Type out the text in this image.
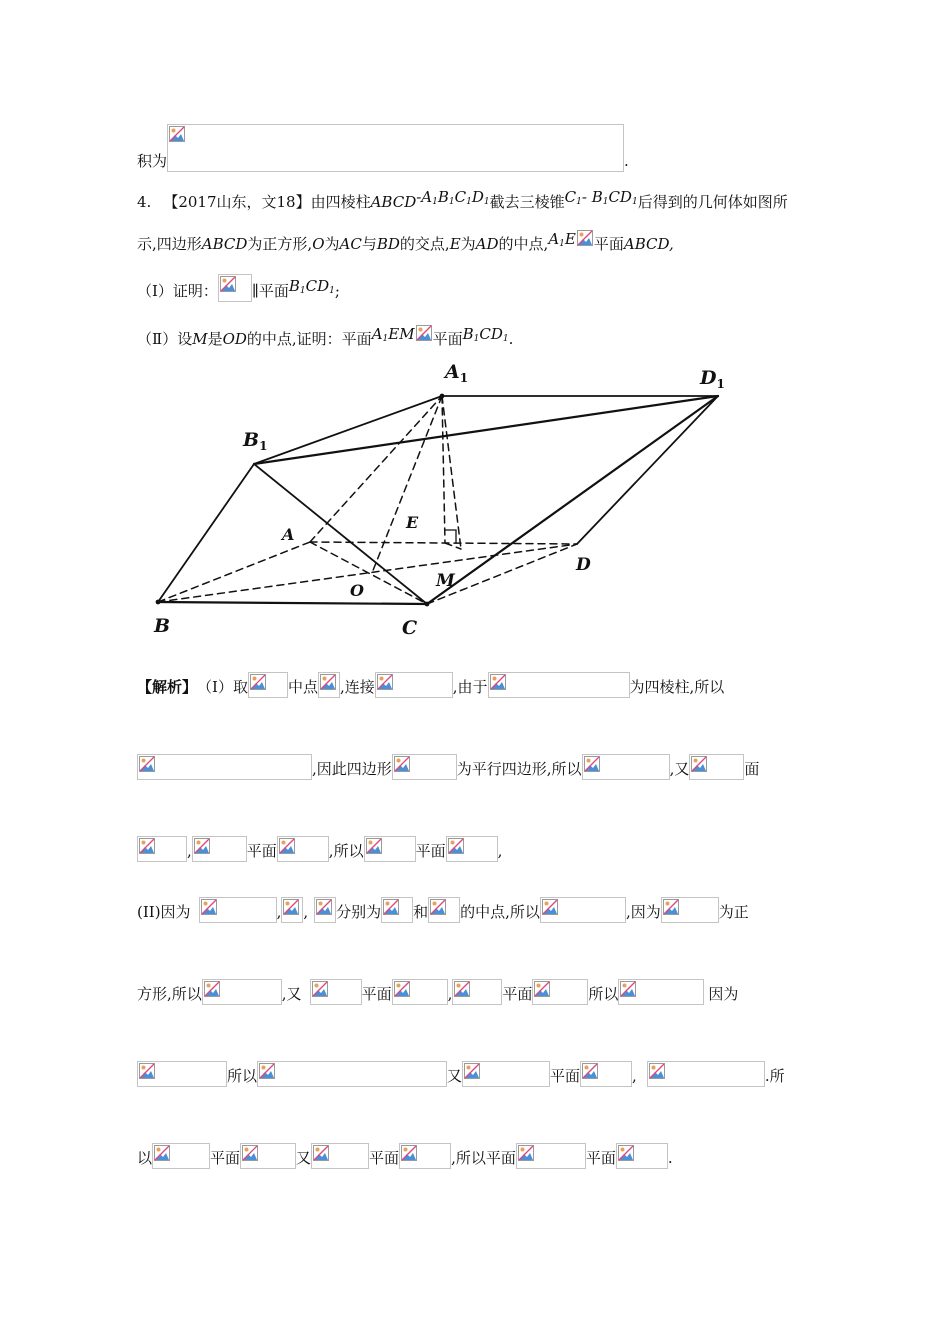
积为	.
4. 【2017山东，文18】由四棱柱ABCD-$A_1B_1C_1D_1$截去三棱锥$C_1-$ $B_1CD_1$后得到的几何体如图所
示,四边形ABCD为正方形,O为AC与BD的交点,E为AD的中点$,A_1E$ 平面ABCD,
（Ⅰ）证明： ∥平面$B_1CD_1$;
（Ⅱ）设M是OD的中点,证明：平面$A_1EM$ 平面$B_1CD_1$.
$A_1$	$D_1$
$B_1$
A
E
D
M
O
B	C
【解析】（I）取	中点 ,连接	,由于	为四棱柱,所以
,因此四边形	为平行四边形,所以	,又	面
,	平面	,所以	平面	,
(II)因为	, , 分别为 和 的中点,所以	,因为	为正
方形,所以	,又	平面	,	平面	所以	因为
所以	又	平面	,	.所
以	平面	又	平面	,所以平面	平面	.
